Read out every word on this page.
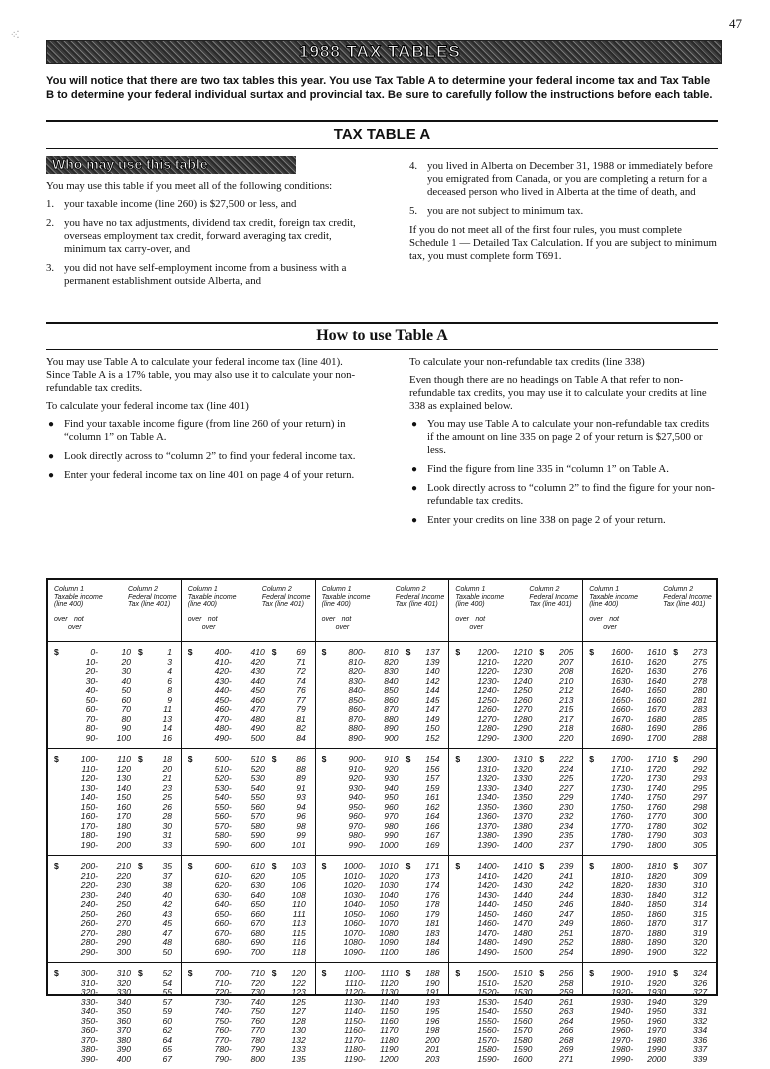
47
⁘⁚
1988 TAX TABLES
You will notice that there are two tax tables this year. You use Tax Table A to determine your federal income tax and Tax Table B to determine your federal individual surtax and provincial tax. Be sure to carefully follow the instructions before each table.
TAX TABLE A
Who may use this table

You may use this table if you meet all of the following conditions:

1. your taxable income (line 260) is $27,500 or less, and
2. you have no tax adjustments, dividend tax credit, foreign tax credit, overseas employment tax credit, forward averaging tax credit, minimum tax carry-over, and
3. you did not have self-employment income from a business with a permanent establishment outside Alberta, and
4. you lived in Alberta on December 31, 1988 or immediately before you emigrated from Canada, or you are completing a return for a deceased person who lived in Alberta at the time of death, and
5. you are not subject to minimum tax.

If you do not meet all of the first four rules, you must complete Schedule 1 — Detailed Tax Calculation. If you are subject to minimum tax, you must complete form T691.

How to use Table A

You may use Table A to calculate your federal income tax (line 401). Since Table A is a 17% table, you may also use it to calculate your non-refundable tax credits.

To calculate your federal income tax (line 401)

● Find your taxable income figure (from line 260 of your return) in “column 1” on Table A.
● Look directly across to “column 2” to find your federal income tax.
● Enter your federal income tax on line 401 on page 4 of your return.

To calculate your non-refundable tax credits (line 338)

Even though there are no headings on Table A that refer to non-refundable tax credits, you may use it to calculate your credits at line 338 as explained below.

● You may use Table A to calculate your non-refundable tax credits if the amount on line 335 on page 2 of your return is $27,500 or less.
● Find the figure from line 335 in “column 1” on Table A.
● Look directly across to “column 2” to find the figure for your non-refundable tax credits.
● Enter your credits on line 338 on page 2 of your return.
Column 1
Taxable income (line 400)
Column 2
Federal Income Tax (line 401)
over not
over
$	0-	10 $	1
10-	20	3
20-	30	4
30-	40	6
40-	50	8
50-	60	9
60-	70	11
70-	80	13
80-	90	14
90-	100	16
$	100-	110 $	18
110-	120	20
120-	130	21
130-	140	23
140-	150	25
150-	160	26
160-	170	28
170-	180	30
180-	190	31
190-	200	33
$	200-	210 $	35
210-	220	37
220-	230	38
230-	240	40
240-	250	42
250-	260	43
260-	270	45
270-	280	47
280-	290	48
290-	300	50
$	300-	310 $	52
310-	320	54
320-	330	55
330-	340	57
340-	350	59
350-	360	60
360-	370	62
370-	380	64
380-	390	65
390-	400	67
Column 1
Taxable income (line 400)
Column 2
Federal Income Tax (line 401)
over not
over
$	400-	410 $	69
410-	420	71
420-	430	72
430-	440	74
440-	450	76
450-	460	77
460-	470	79
470-	480	81
480-	490	82
490-	500	84
$	500-	510 $	86
510-	520	88
520-	530	89
530-	540	91
540-	550	93
550-	560	94
560-	570	96
570-	580	98
580-	590	99
590-	600	101
$	600-	610 $	103
610-	620	105
620-	630	106
630-	640	108
640-	650	110
650-	660	111
660-	670	113
670-	680	115
680-	690	116
690-	700	118
$	700-	710 $	120
710-	720	122
720-	730	123
730-	740	125
740-	750	127
750-	760	128
760-	770	130
770-	780	132
780-	790	133
790-	800	135
Column 1
Taxable income (line 400)
Column 2
Federal Income Tax (line 401)
over not
over
$	800-	810 $	137
810-	820	139
820-	830	140
830-	840	142
840-	850	144
850-	860	145
860-	870	147
870-	880	149
880-	890	150
890-	900	152
$	900-	910 $	154
910-	920	156
920-	930	157
930-	940	159
940-	950	161
950-	960	162
960-	970	164
970-	980	166
980-	990	167
990-	1000	169
$	1000-	1010 $	171
1010-	1020	173
1020-	1030	174
1030-	1040	176
1040-	1050	178
1050-	1060	179
1060-	1070	181
1070-	1080	183
1080-	1090	184
1090-	1100	186
$	1100-	1110 $	188
1110-	1120	190
1120-	1130	191
1130-	1140	193
1140-	1150	195
1150-	1160	196
1160-	1170	198
1170-	1180	200
1180-	1190	201
1190-	1200	203
Column 1
Taxable income (line 400)
Column 2
Federal Income Tax (line 401)
over not
over
$	1200-	1210 $	205
1210-	1220	207
1220-	1230	208
1230-	1240	210
1240-	1250	212
1250-	1260	213
1260-	1270	215
1270-	1280	217
1280-	1290	218
1290-	1300	220
$	1300-	1310 $	222
1310-	1320	224
1320-	1330	225
1330-	1340	227
1340-	1350	229
1350-	1360	230
1360-	1370	232
1370-	1380	234
1380-	1390	235
1390-	1400	237
$	1400-	1410 $	239
1410-	1420	241
1420-	1430	242
1430-	1440	244
1440-	1450	246
1450-	1460	247
1460-	1470	249
1470-	1480	251
1480-	1490	252
1490-	1500	254
$	1500-	1510 $	256
1510-	1520	258
1520-	1530	259
1530-	1540	261
1540-	1550	263
1550-	1560	264
1560-	1570	266
1570-	1580	268
1580-	1590	269
1590-	1600	271
Column 1
Taxable income (line 400)
Column 2
Federal Income Tax (line 401)
over not
over
$	1600-	1610 $	273
1610-	1620	275
1620-	1630	276
1630-	1640	278
1640-	1650	280
1650-	1660	281
1660-	1670	283
1670-	1680	285
1680-	1690	286
1690-	1700	288
$	1700-	1710 $	290
1710-	1720	292
1720-	1730	293
1730-	1740	295
1740-	1750	297
1750-	1760	298
1760-	1770	300
1770-	1780	302
1780-	1790	303
1790-	1800	305
$	1800-	1810 $	307
1810-	1820	309
1820-	1830	310
1830-	1840	312
1840-	1850	314
1850-	1860	315
1860-	1870	317
1870-	1880	319
1880-	1890	320
1890-	1900	322
$	1900-	1910 $	324
1910-	1920	326
1920-	1930	327
1930-	1940	329
1940-	1950	331
1950-	1960	332
1960-	1970	334
1970-	1980	336
1980-	1990	337
1990-	2000	339
